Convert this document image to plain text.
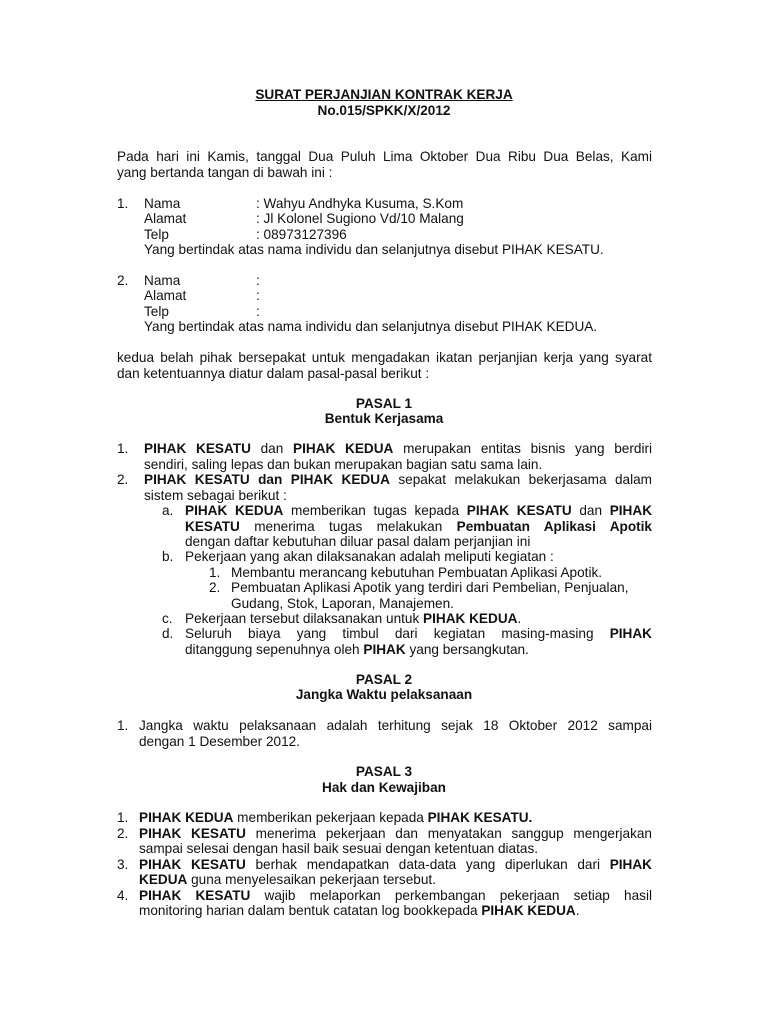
SURAT PERJANJIAN KONTRAK KERJA
No.015/SPKK/X/2012
Pada hari ini Kamis, tanggal Dua Puluh Lima Oktober Dua Ribu Dua Belas, Kami
yang bertanda tangan di bawah ini :
1. Nama	: Wahyu Andhyka Kusuma, S.Kom
Alamat	: Jl Kolonel Sugiono Vd/10 Malang
Telp	: 08973127396
Yang bertindak atas nama individu dan selanjutnya disebut PIHAK KESATU.
2. Nama	:
Alamat	:
Telp	:
Yang bertindak atas nama individu dan selanjutnya disebut PIHAK KEDUA.
kedua belah pihak bersepakat untuk mengadakan ikatan perjanjian kerja yang syarat
dan ketentuannya diatur dalam pasal-pasal berikut :
PASAL 1
Bentuk Kerjasama
1. PIHAK KESATU dan PIHAK KEDUA merupakan entitas bisnis yang berdiri
sendiri, saling lepas dan bukan merupakan bagian satu sama lain.
2. PIHAK KESATU dan PIHAK KEDUA sepakat melakukan bekerjasama dalam
sistem sebagai berikut :
a. PIHAK KEDUA memberikan tugas kepada PIHAK KESATU dan PIHAK
KESATU menerima tugas melakukan Pembuatan Aplikasi Apotik
dengan daftar kebutuhan diluar pasal dalam perjanjian ini
b. Pekerjaan yang akan dilaksanakan adalah meliputi kegiatan :
1. Membantu merancang kebutuhan Pembuatan Aplikasi Apotik.
2. Pembuatan Aplikasi Apotik yang terdiri dari Pembelian, Penjualan,
Gudang, Stok, Laporan, Manajemen.
c. Pekerjaan tersebut dilaksanakan untuk PIHAK KEDUA.
d. Seluruh biaya yang timbul dari kegiatan masing-masing PIHAK
ditanggung sepenuhnya oleh PIHAK yang bersangkutan.
PASAL 2
Jangka Waktu pelaksanaan
1. Jangka waktu pelaksanaan adalah terhitung sejak 18 Oktober 2012 sampai
dengan 1 Desember 2012.
PASAL 3
Hak dan Kewajiban
1. PIHAK KEDUA memberikan pekerjaan kepada PIHAK KESATU.
2. PIHAK KESATU menerima pekerjaan dan menyatakan sanggup mengerjakan
sampai selesai dengan hasil baik sesuai dengan ketentuan diatas.
3. PIHAK KESATU berhak mendapatkan data-data yang diperlukan dari PIHAK
KEDUA guna menyelesaikan pekerjaan tersebut.
4. PIHAK KESATU wajib melaporkan perkembangan pekerjaan setiap hasil
monitoring harian dalam bentuk catatan log bookkepada PIHAK KEDUA.
